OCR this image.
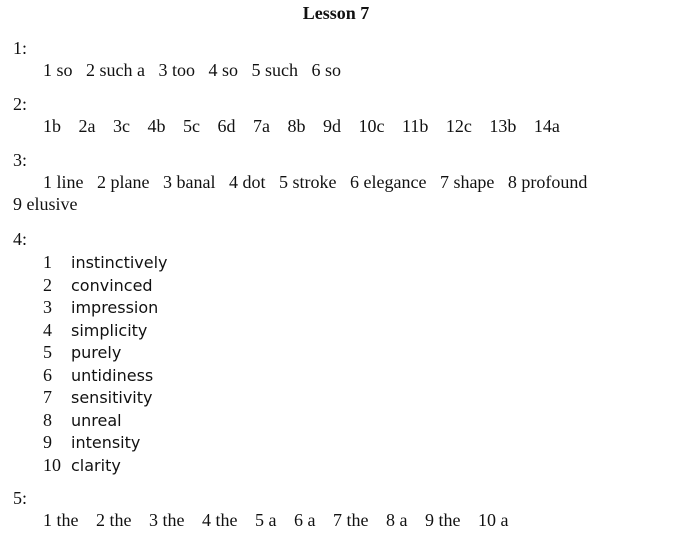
Lesson 7
1:
1 so 2 such a 3 too 4 so 5 such 6 so
2:
1b 2a 3c 4b 5c 6d 7a 8b 9d 10c 11b 12c 13b 14a
3:
1 line 2 plane 3 banal 4 dot 5 stroke 6 elegance 7 shape 8 profound
9 elusive
4:
1 instinctively
2 convinced
3 impression
4 simplicity
5 purely
6 untidiness
7 sensitivity
8 unreal
9 intensity
10 clarity
5:
1 the 2 the 3 the 4 the 5 a 6 a 7 the 8 a 9 the 10 a
